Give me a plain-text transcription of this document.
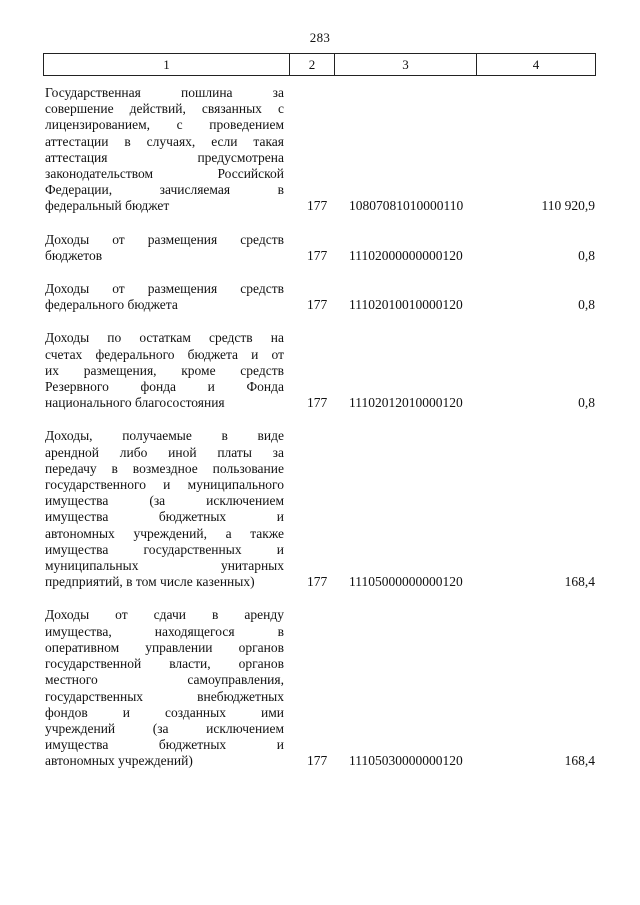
283
1	2	3	4
Государственная пошлина за
совершение действий, связанных с
лицензированием, с проведением
аттестации в случаях, если такая
аттестация предусмотрена
законодательством Российской
Федерации, зачисляемая в
федеральный бюджет	177 10807081010000110	110 920,9
Доходы от размещения средств
бюджетов	177 11102000000000120	0,8
Доходы от размещения средств
федерального бюджета	177 11102010010000120	0,8
Доходы по остаткам средств на
счетах федерального бюджета и от
их размещения, кроме средств
Резервного фонда и Фонда
национального благосостояния	177 11102012010000120	0,8
Доходы, получаемые в виде
арендной либо иной платы за
передачу в возмездное пользование
государственного и муниципального
имущества (за исключением
имущества бюджетных и
автономных учреждений, а также
имущества государственных и
муниципальных унитарных
предприятий, в том числе казенных)	177 11105000000000120	168,4
Доходы от сдачи в аренду
имущества, находящегося в
оперативном управлении органов
государственной власти, органов
местного самоуправления,
государственных внебюджетных
фондов и созданных ими
учреждений (за исключением
имущества бюджетных и
автономных учреждений)	177 11105030000000120	168,4
